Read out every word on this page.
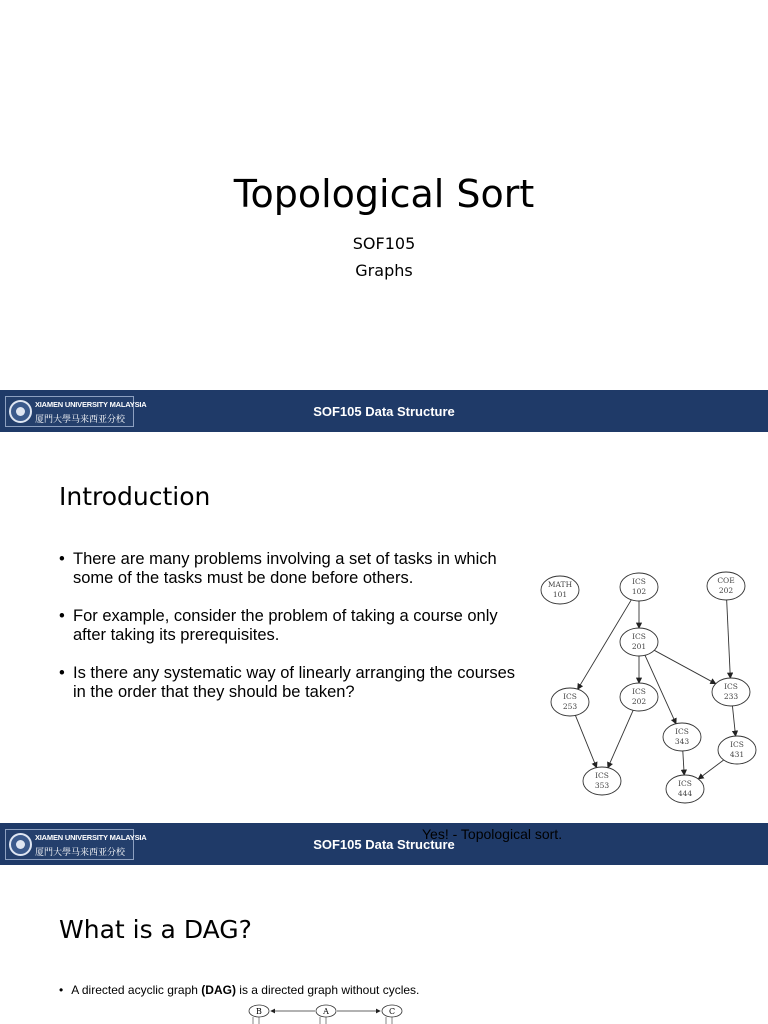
Topological Sort
SOF105
Graphs
XIAMEN UNIVERSITY MALAYSIA
厦門大學马来西亚分校
SOF105 Data Structure
Introduction
• There are many problems involving a set of tasks in which some of the tasks must be done before others.
• For example, consider the problem of taking a course only after taking its prerequisites.
• Is there any systematic way of linearly arranging the courses in the order that they should be taken?
MATH
101
ICS
102
COE
202
ICS
201
ICS
253
ICS
202
ICS
233
ICS
343	ICS
431
ICS
353	ICS
444
XIAMEN UNIVERSITY MALAYSIA
厦門大學马来西亚分校
SOF105 Data Structure
Yes! - Topological sort.
What is a DAG?
• A directed acyclic graph (DAG) is a directed graph without cycles.
B	A	C
